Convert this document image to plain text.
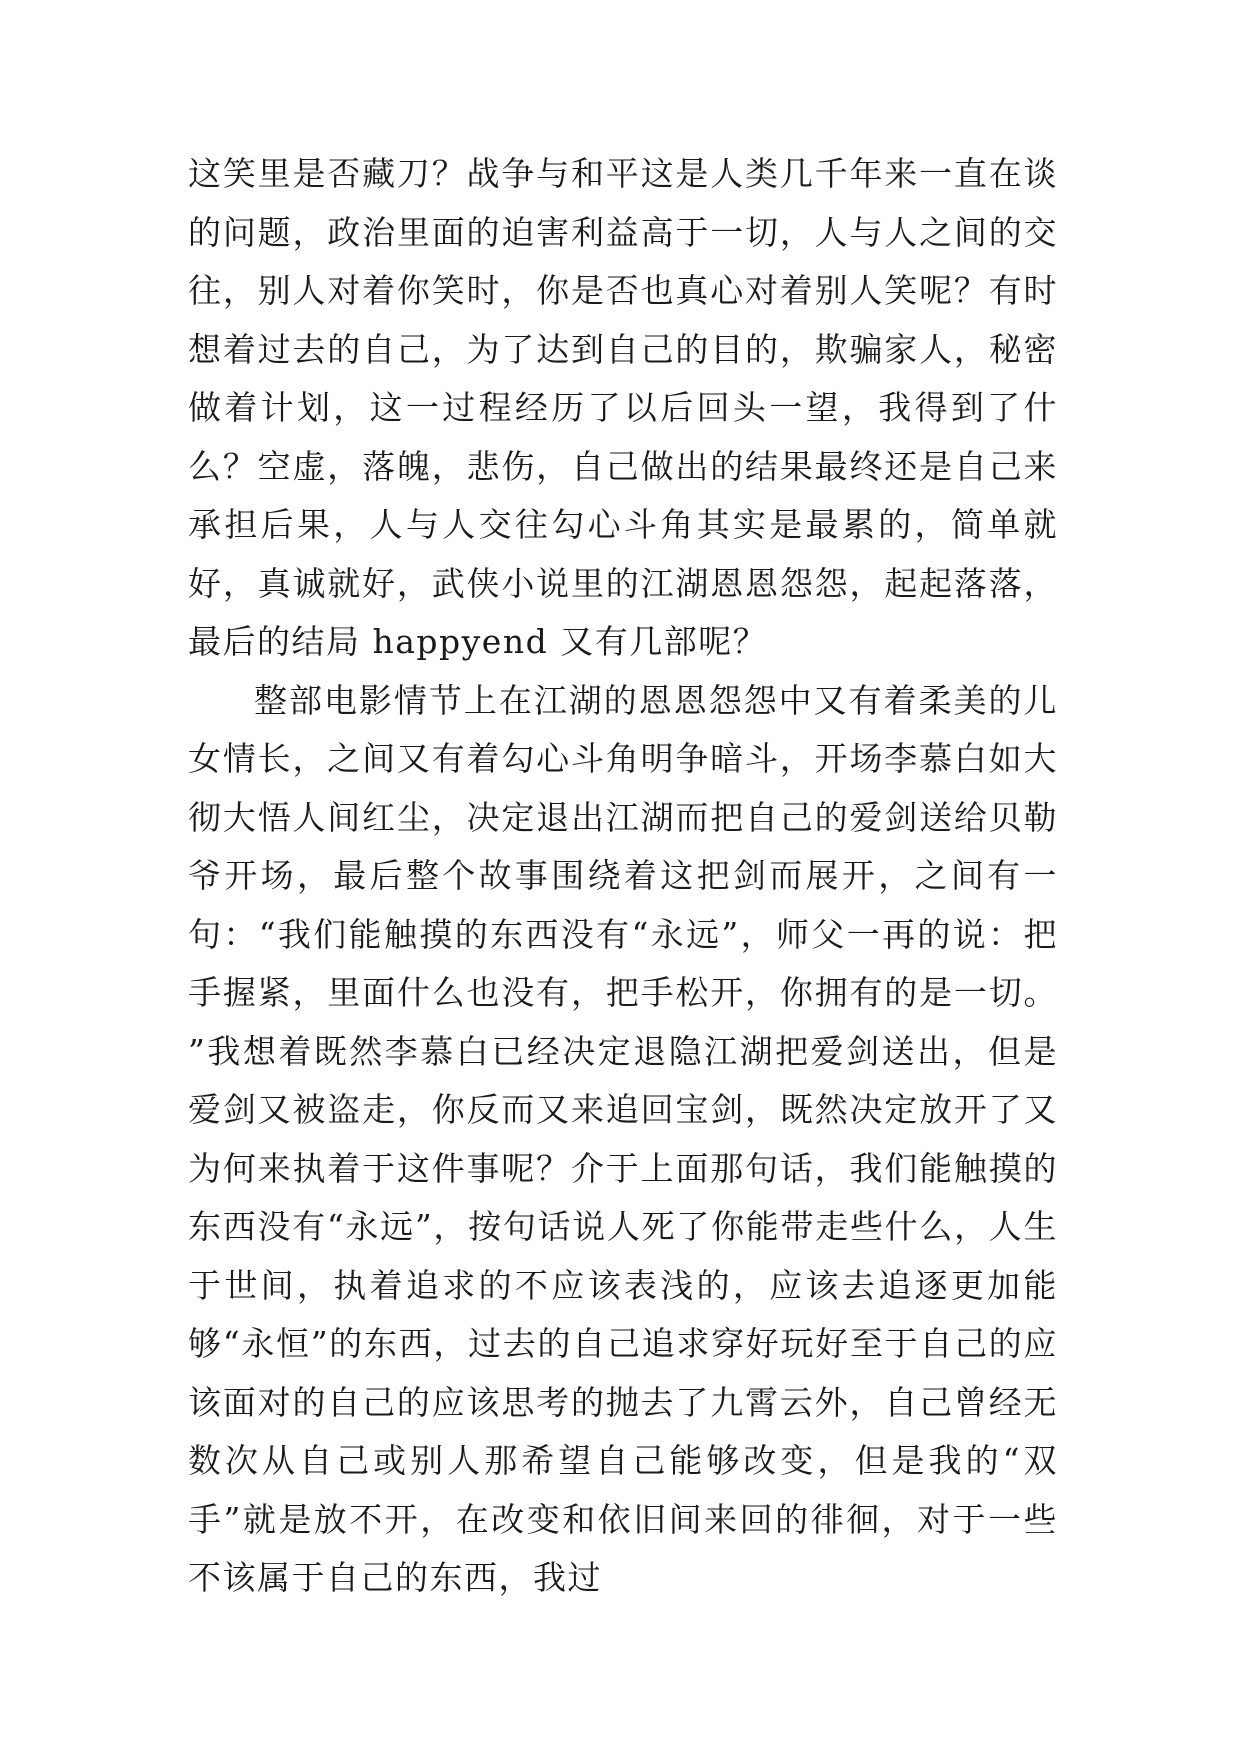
这笑里是否藏刀？战争与和平这是人类几千年来一直在谈的问题，政治里面的迫害利益高于一切，人与人之间的交往，别人对着你笑时，你是否也真心对着别人笑呢？有时想着过去的自己，为了达到自己的目的，欺骗家人，秘密做着计划，这一过程经历了以后回头一望，我得到了什么？空虚，落魄，悲伤，自己做出的结果最终还是自己来承担后果，人与人交往勾心斗角其实是最累的，简单就好，真诚就好，武侠小说里的江湖恩恩怨怨，起起落落，最后的结局 happyend 又有几部呢？

整部电影情节上在江湖的恩恩怨怨中又有着柔美的儿女情长，之间又有着勾心斗角明争暗斗，开场李慕白如大彻大悟人间红尘，决定退出江湖而把自己的爱剑送给贝勒爷开场，最后整个故事围绕着这把剑而展开，之间有一句：“我们能触摸的东西没有“永远”，师父一再的说：把手握紧，里面什么也没有，把手松开，你拥有的是一切。 ”我想着既然李慕白已经决定退隐江湖把爱剑送出，但是爱剑又被盗走，你反而又来追回宝剑，既然决定放开了又为何来执着于这件事呢？介于上面那句话，我们能触摸的东西没有“永远”，按句话说人死了你能带走些什么，人生于世间，执着追求的不应该表浅的，应该去追逐更加能够“永恒”的东西，过去的自己追求穿好玩好至于自己的应该面对的自己的应该思考的抛去了九霄云外，自己曾经无数次从自己或别人那希望自己能够改变，但是我的“双手”就是放不开，在改变和依旧间来回的徘徊，对于一些不该属于自己的东西，我过
